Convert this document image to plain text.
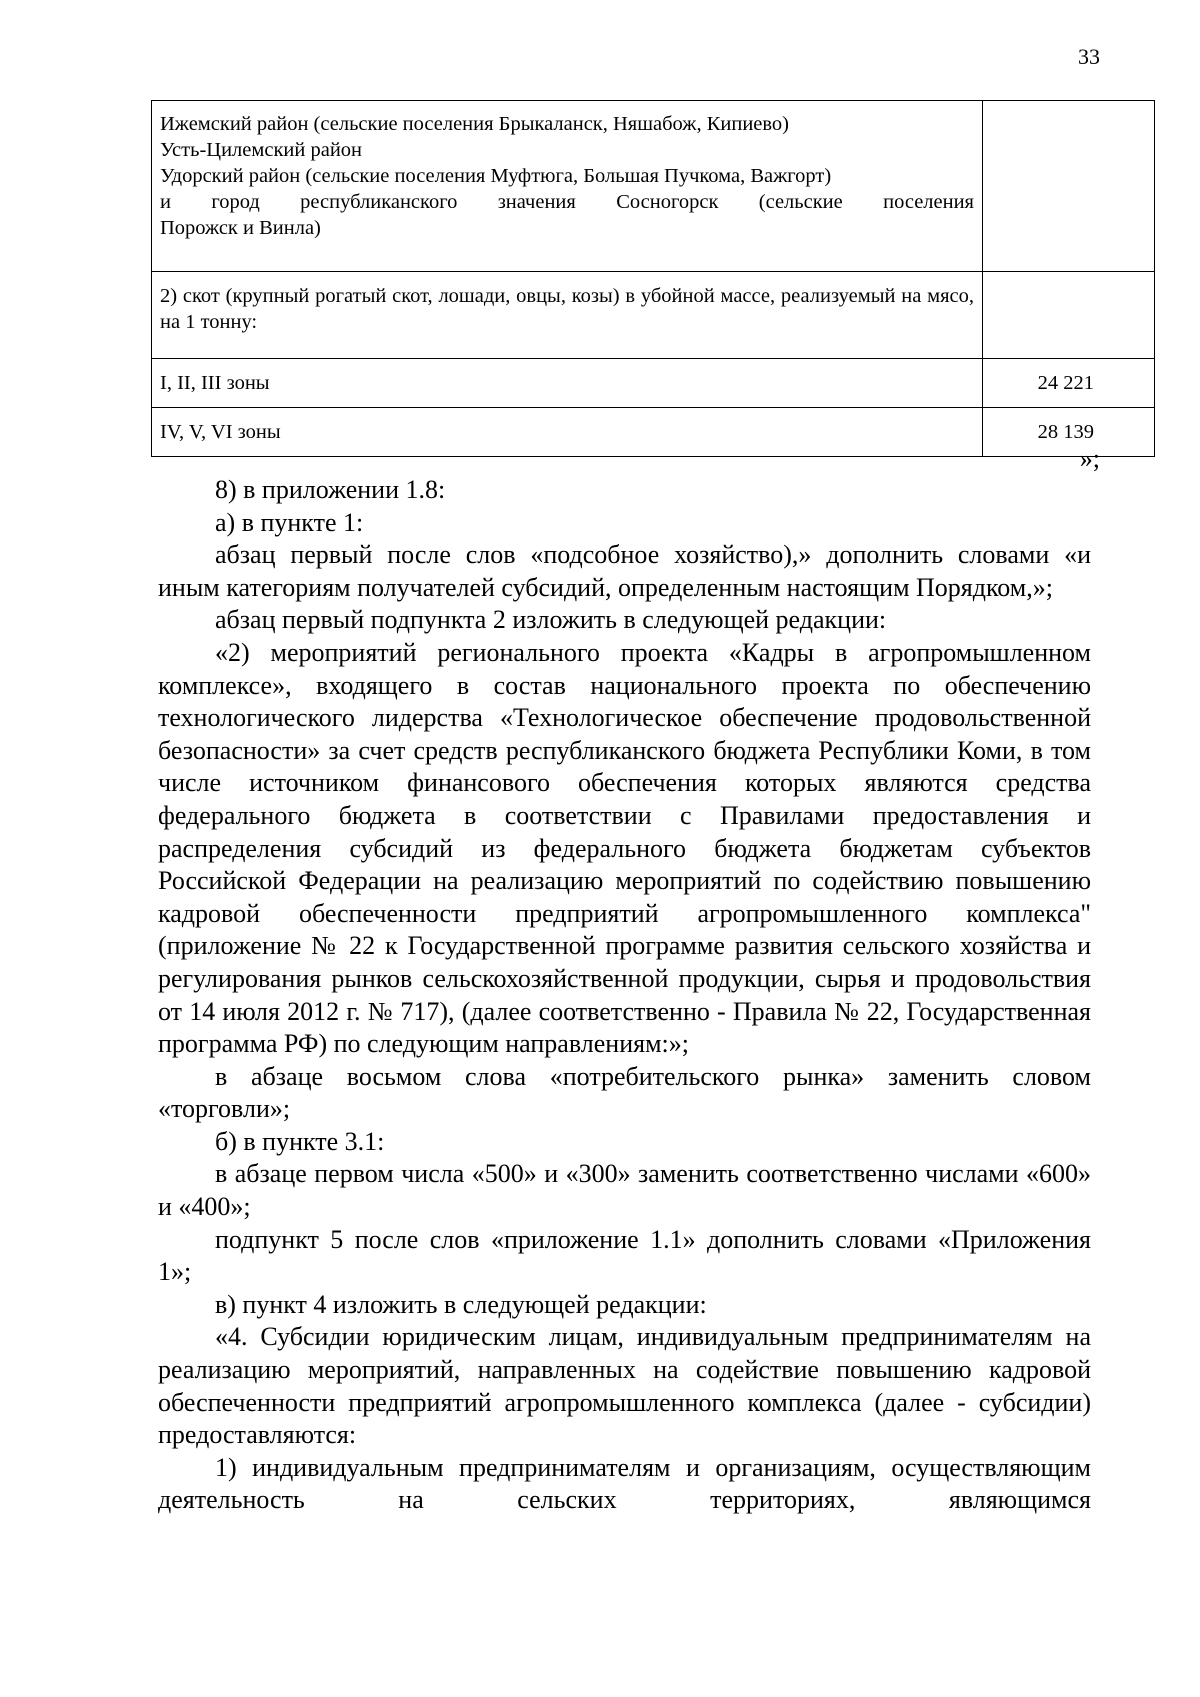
33
Ижемский район (сельские поселения Брыкаланск, Няшабож, Кипиево)
Усть-Цилемский район
Удорский район (сельские поселения Муфтюга, Большая Пучкома, Важгорт)
и город республиканского значения Сосногорск (сельские поселения
Порожск и Винла)	

2) скот (крупный рогатый скот, лошади, овцы, козы) в убойной массе, реализуемый на мясо, на 1 тонну:	
I, II, III зоны	24 221
IV, V, VI зоны	28 139
»;

8) в приложении 1.8:

а) в пункте 1:

абзац первый после слов «подсобное хозяйство),» дополнить словами «и иным категориям получателей субсидий, определенным настоящим Порядком,»;

абзац первый подпункта 2 изложить в следующей редакции:

«2) мероприятий регионального проекта «Кадры в агропромышленном комплексе», входящего в состав национального проекта по обеспечению технологического лидерства «Технологическое обеспечение продовольственной безопасности» за счет средств республиканского бюджета Республики Коми, в том числе источником финансового обеспечения которых являются средства федерального бюджета в соответствии с Правилами предоставления и распределения субсидий из федерального бюджета бюджетам субъектов Российской Федерации на реализацию мероприятий по содействию повышению кадровой обеспеченности предприятий агропромышленного комплекса" (приложение № 22 к Государственной программе развития сельского хозяйства и регулирования рынков сельскохозяйственной продукции, сырья и продовольствия от 14 июля 2012 г. № 717), (далее соответственно - Правила № 22, Государственная программа РФ) по следующим направлениям:»;

в абзаце восьмом слова «потребительского рынка» заменить словом «торговли»;

б) в пункте 3.1:

в абзаце первом числа «500» и «300» заменить соответственно числами «600» и «400»;

подпункт 5 после слов «приложение 1.1» дополнить словами «Приложения 1»;

в) пункт 4 изложить в следующей редакции:

«4. Субсидии юридическим лицам, индивидуальным предпринимателям на реализацию мероприятий, направленных на содействие повышению кадровой обеспеченности предприятий агропромышленного комплекса (далее - субсидии) предоставляются:

1) индивидуальным предпринимателям и организациям, осуществляющим деятельность на сельских территориях, являющимся
